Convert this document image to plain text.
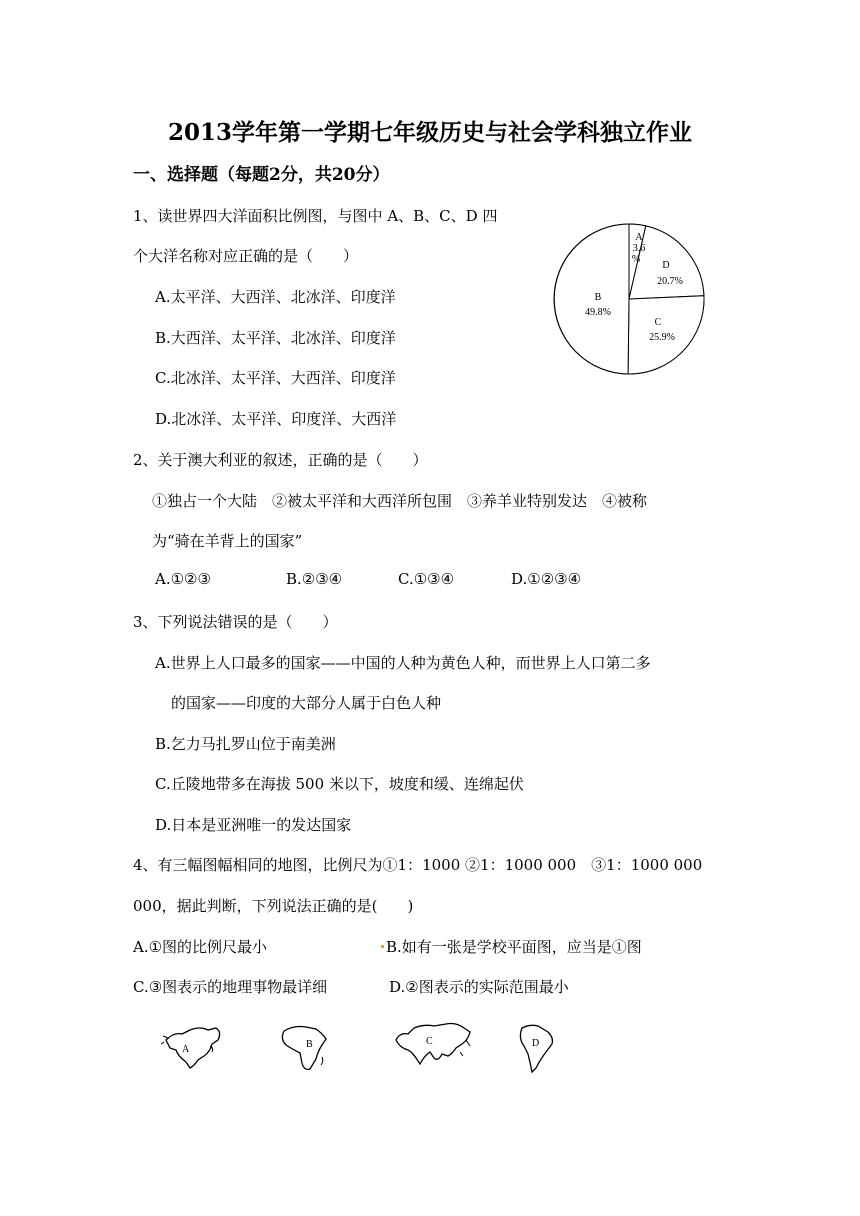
2013学年第一学期七年级历史与社会学科独立作业
一、选择题（每题2分，共20分）
1、读世界四大洋面积比例图，与图中 A、B、C、D 四
个大洋名称对应正确的是（　　）
A.太平洋、大西洋、北冰洋、印度洋
B.大西洋、太平洋、北冰洋、印度洋
C.北冰洋、太平洋、大西洋、印度洋
D.北冰洋、太平洋、印度洋、大西洋
A
3.6
%
D
20.7%
C
25.9%
B
49.8%
2、关于澳大利亚的叙述，正确的是（　　）
①独占一个大陆　②被太平洋和大西洋所包围　③养羊业特别发达　④被称
为“骑在羊背上的国家”
A.①②③	B.②③④	C.①③④	D.①②③④
3、下列说法错误的是（　　）
A.世界上人口最多的国家——中国的人种为黄色人种，而世界上人口第二多
的国家——印度的大部分人属于白色人种
B.乞力马扎罗山位于南美洲
C.丘陵地带多在海拔 500 米以下，坡度和缓、连绵起伏
D.日本是亚洲唯一的发达国家
4、有三幅图幅相同的地图，比例尺为①1：1000 ②1：1000 000　③1：1000 000
000，据此判断，下列说法正确的是(　　)
A.①图的比例尺最小	B.如有一张是学校平面图，应当是①图
C.③图表示的地理事物最详细	D.②图表示的实际范围最小
A	B	C	D
